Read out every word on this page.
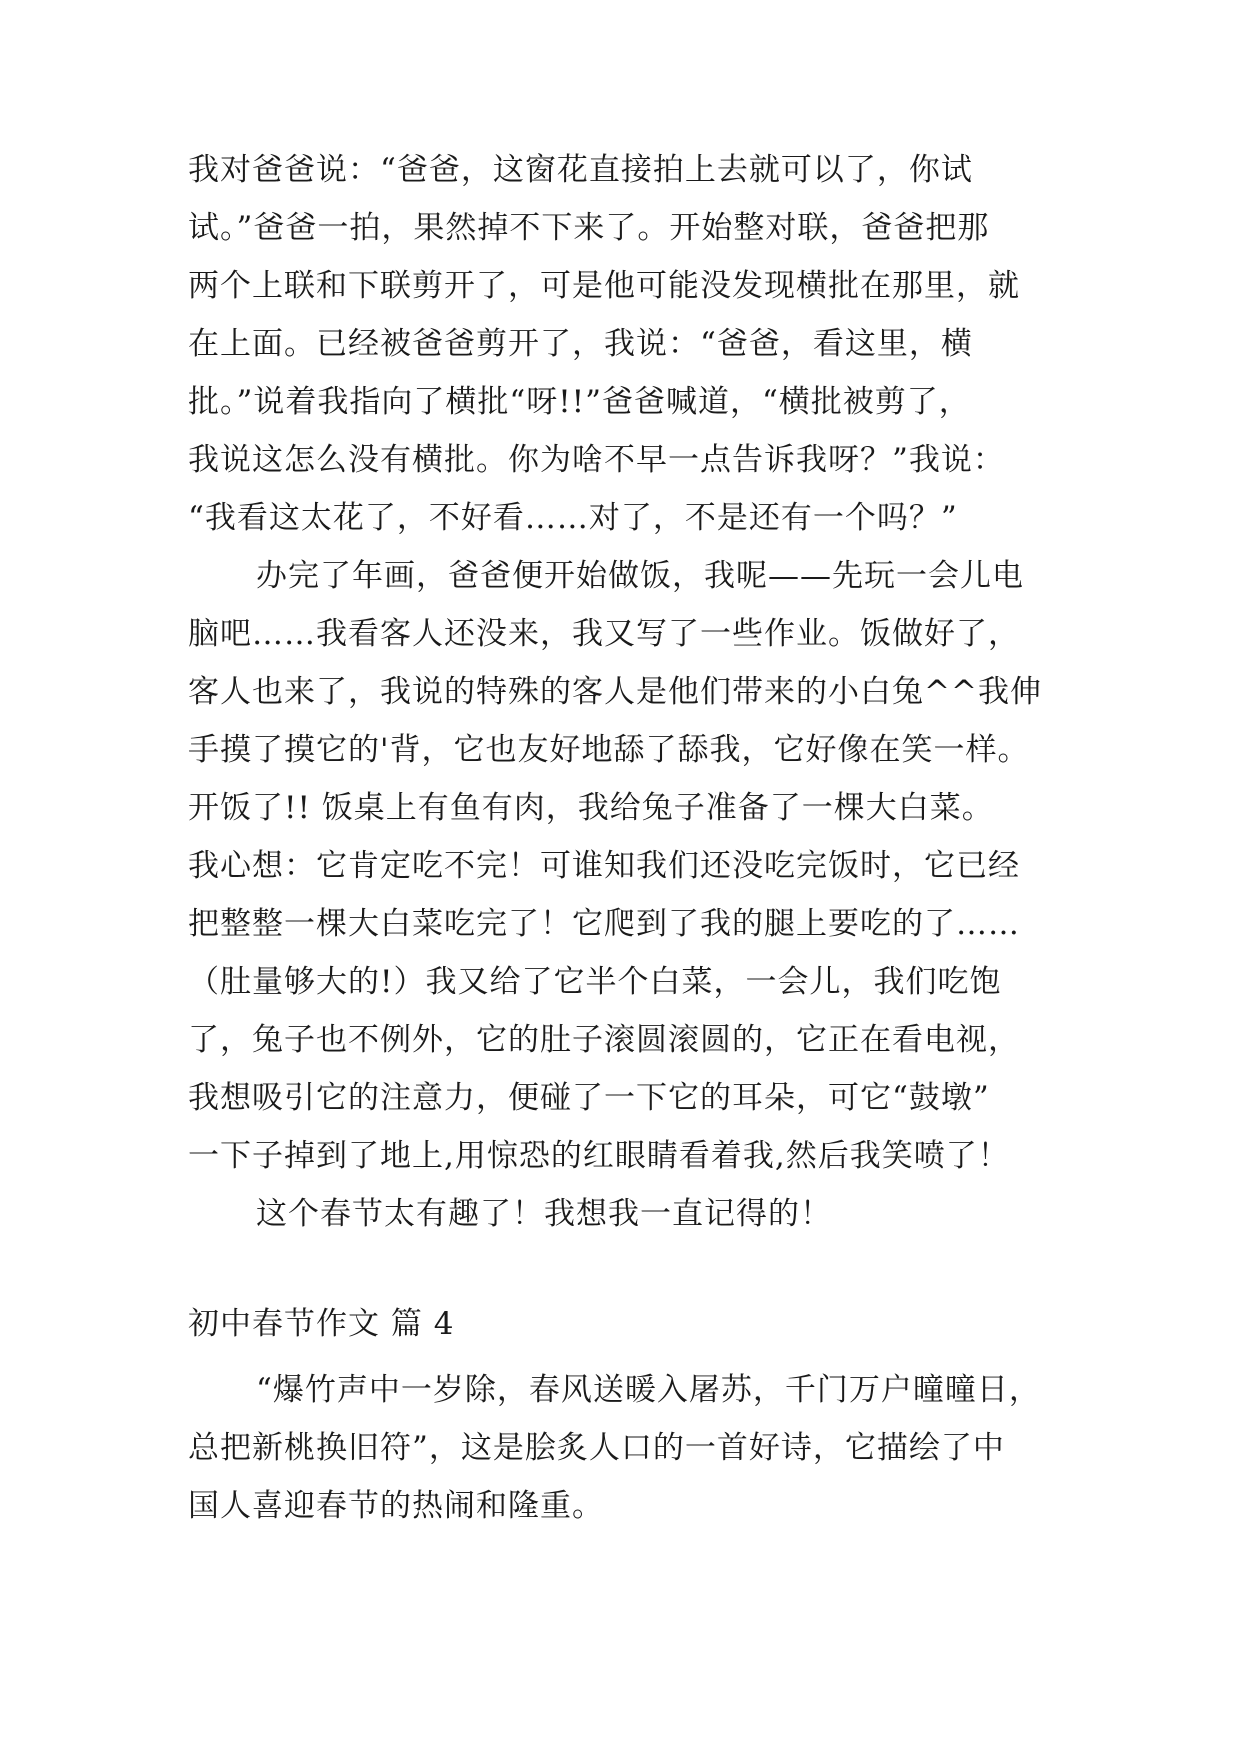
我对爸爸说：“爸爸，这窗花直接拍上去就可以了，你试
试。”爸爸一拍，果然掉不下来了。开始整对联，爸爸把那
两个上联和下联剪开了，可是他可能没发现横批在那里，就
在上面。已经被爸爸剪开了，我说：“爸爸，看这里，横
批。”说着我指向了横批“呀!!”爸爸喊道，“横批被剪了，
我说这怎么没有横批。你为啥不早一点告诉我呀？”我说：
“我看这太花了，不好看……对了，不是还有一个吗？”
办完了年画，爸爸便开始做饭，我呢——先玩一会儿电
脑吧……我看客人还没来，我又写了一些作业。饭做好了，
客人也来了，我说的特殊的客人是他们带来的小白兔^^我伸
手摸了摸它的'背，它也友好地舔了舔我，它好像在笑一样。
开饭了!! 饭桌上有鱼有肉，我给兔子准备了一棵大白菜。
我心想：它肯定吃不完！可谁知我们还没吃完饭时，它已经
把整整一棵大白菜吃完了！它爬到了我的腿上要吃的了……
（肚量够大的!）我又给了它半个白菜，一会儿，我们吃饱
了，兔子也不例外，它的肚子滚圆滚圆的，它正在看电视，
我想吸引它的注意力，便碰了一下它的耳朵，可它“鼓墩”
一下子掉到了地上,用惊恐的红眼睛看着我,然后我笑喷了！
这个春节太有趣了！我想我一直记得的！
初中春节作文 篇 4
“爆竹声中一岁除，春风送暖入屠苏，千门万户曈曈日，
总把新桃换旧符”，这是脍炙人口的一首好诗，它描绘了中
国人喜迎春节的热闹和隆重。
